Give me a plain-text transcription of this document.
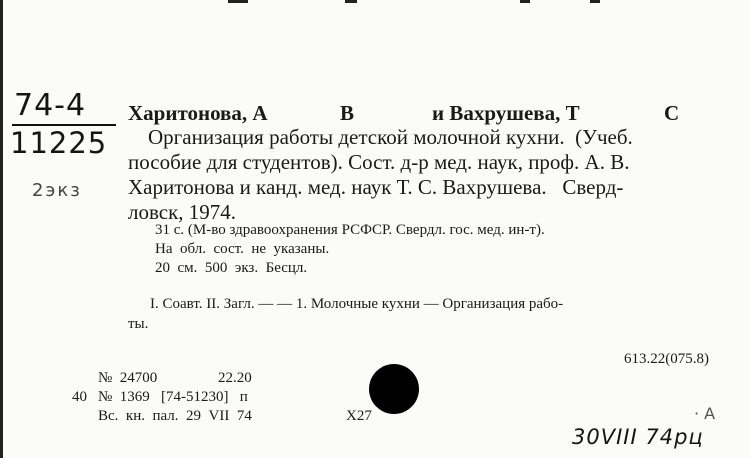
74-4
11225
2экз
Харитонова, А	В	и Вахрушева, Т	С
Организация работы детской молочной кухни.  (Учеб.
пособие для студентов). Сост. д-р мед. наук, проф. А. В.
Харитонова и канд. мед. наук Т. С. Вахрушева.   Сверд-
ловск, 1974.
31 с. (М-во здравоохранения РСФСР. Свердл. гос. мед. ин-т).
На  обл.  сост.  не  указаны.
20  см.  500  экз.  Бесцл.
I. Соавт. II. Загл. — — 1. Молочные кухни — Организация рабо-
ты.
613.22(075.8)
№  24700	22.20
40 №  1369   [74-51230]   п
Вс.  кн.  пал.  29  VII  74	Х27	· A
30VIII 74рц
